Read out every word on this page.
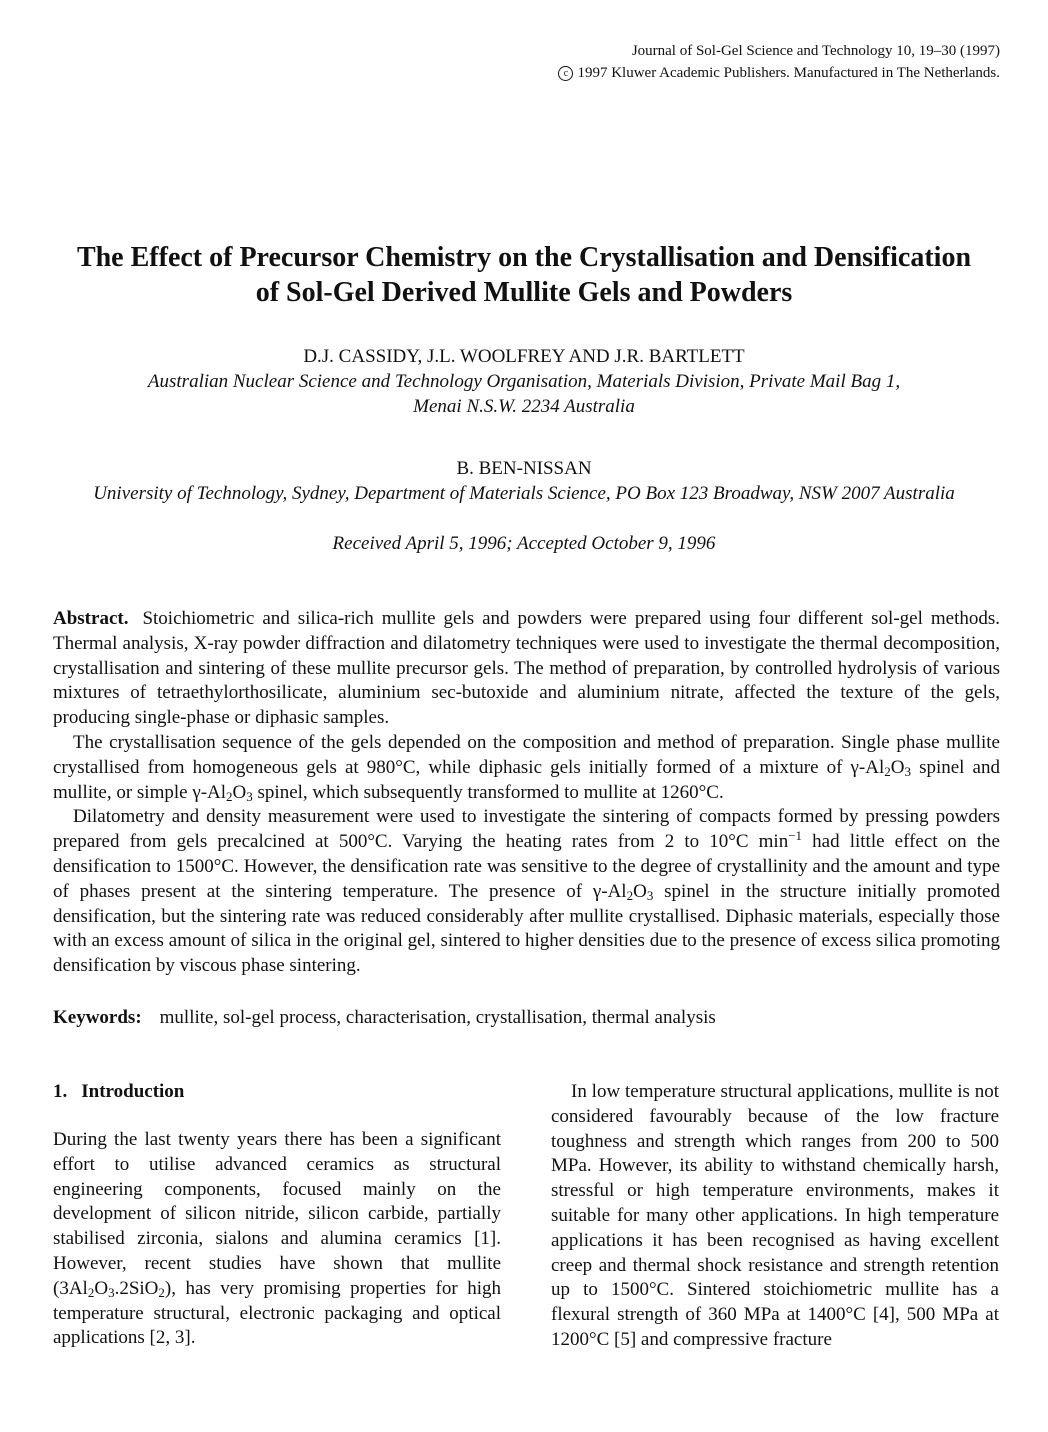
Journal of Sol-Gel Science and Technology 10, 19–30 (1997)
c 1997 Kluwer Academic Publishers. Manufactured in The Netherlands.
The Effect of Precursor Chemistry on the Crystallisation and Densification
of Sol-Gel Derived Mullite Gels and Powders
D.J. CASSIDY, J.L. WOOLFREY AND J.R. BARTLETT
Australian Nuclear Science and Technology Organisation, Materials Division, Private Mail Bag 1,
Menai N.S.W. 2234 Australia
B. BEN-NISSAN
University of Technology, Sydney, Department of Materials Science, PO Box 123 Broadway, NSW 2007 Australia
Received April 5, 1996; Accepted October 9, 1996

Abstract. Stoichiometric and silica-rich mullite gels and powders were prepared using four different sol-gel methods. Thermal analysis, X-ray powder diffraction and dilatometry techniques were used to investigate the thermal decomposition, crystallisation and sintering of these mullite precursor gels. The method of preparation, by controlled hydrolysis of various mixtures of tetraethylorthosilicate, aluminium sec-butoxide and aluminium nitrate, affected the texture of the gels, producing single-phase or diphasic samples.

The crystallisation sequence of the gels depended on the composition and method of preparation. Single phase mullite crystallised from homogeneous gels at 980°C, while diphasic gels initially formed of a mixture of $\gamma-Al_2O_3$ spinel and mullite, or simple $\gamma-Al_2O_3$ spinel, which subsequently transformed to mullite at 1260°C.

Dilatometry and density measurement were used to investigate the sintering of compacts formed by pressing powders prepared from gels precalcined at 500°C. Varying the heating rates from 2 to 10°C $\min^{-1}$ had little effect on the densification to 1500°C. However, the densification rate was sensitive to the degree of crystallinity and the amount and type of phases present at the sintering temperature. The presence of $\gamma-Al_2O_3$ spinel in the structure initially promoted densification, but the sintering rate was reduced considerably after mullite crystallised. Diphasic materials, especially those with an excess amount of silica in the original gel, sintered to higher densities due to the presence of excess silica promoting densification by viscous phase sintering.

Keywords: mullite, sol-gel process, characterisation, crystallisation, thermal analysis
1. Introduction

During the last twenty years there has been a significant effort to utilise advanced ceramics as structural engineering components, focused mainly on the development of silicon nitride, silicon carbide, partially stabilised zirconia, sialons and alumina ceramics [1]. However, recent studies have shown that mullite $(3Al_2O_3.2SiO_2)$, has very promising properties for high temperature structural, electronic packaging and optical applications [2, 3].

In low temperature structural applications, mullite is not considered favourably because of the low fracture toughness and strength which ranges from 200 to 500 MPa. However, its ability to withstand chemically harsh, stressful or high temperature environments, makes it suitable for many other applications. In high temperature applications it has been recognised as having excellent creep and thermal shock resistance and strength retention up to 1500°C. Sintered stoichiometric mullite has a flexural strength of 360 MPa at 1400°C [4], 500 MPa at 1200°C [5] and compressive fracture
